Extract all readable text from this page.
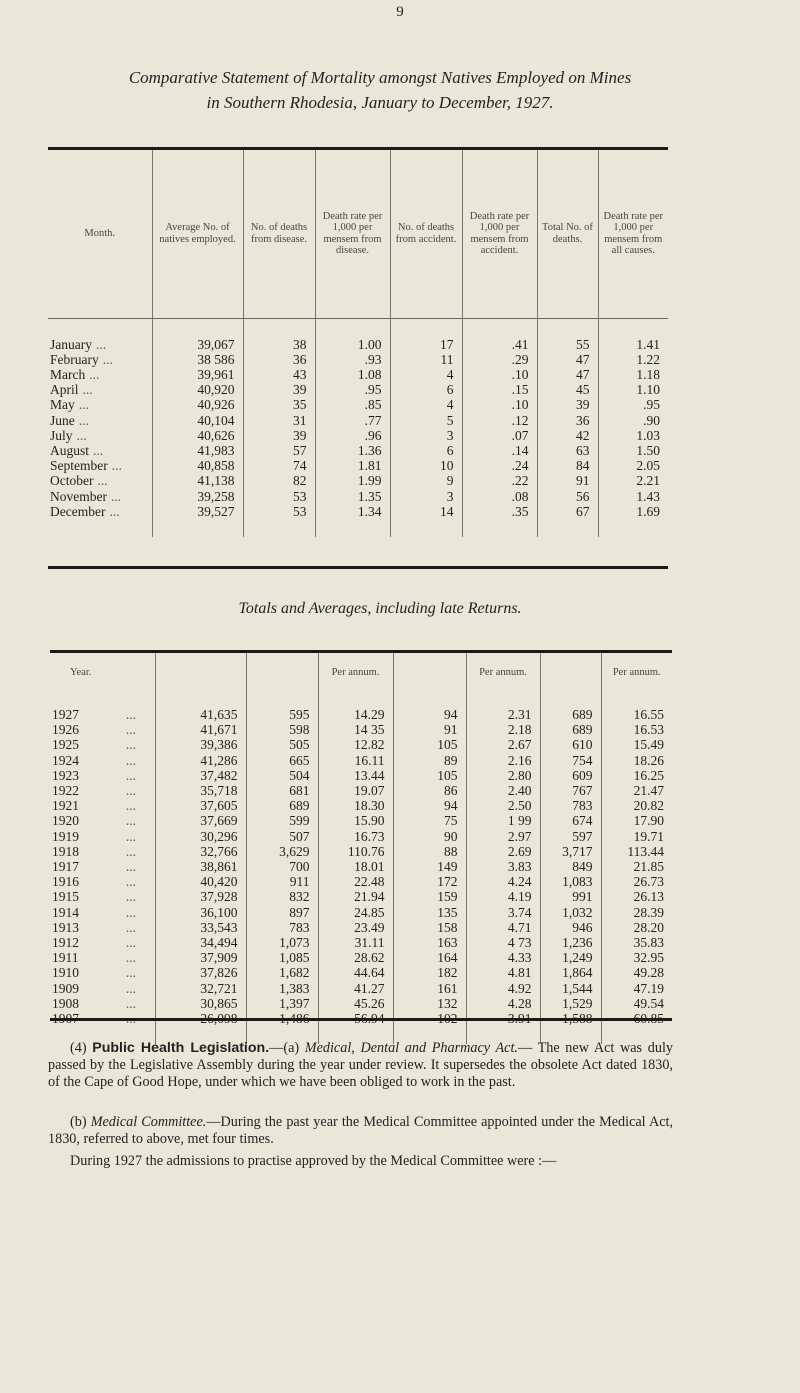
9
Comparative Statement of Mortality amongst Natives Employed on Mines
in Southern Rhodesia, January to December, 1927.
Month.	Average No. of natives employed.	No. of deaths from disease.	Death rate per 1,000 per mensem from disease.	No. of deaths from accident.	Death rate per 1,000 per mensem from accident.	Total No. of deaths.	Death rate per 1,000 per mensem from all causes.

January ...	39,067	38	1.00	17	.41	55	1.41
February ...	38 586	36	.93	11	.29	47	1.22
March ...	39,961	43	1.08	4	.10	47	1.18
April ...	40,920	39	.95	6	.15	45	1.10
May ...	40,926	35	.85	4	.10	39	.95
June ...	40,104	31	.77	5	.12	36	.90
July ...	40,626	39	.96	3	.07	42	1.03
August ...	41,983	57	1.36	6	.14	63	1.50
September ...	40,858	74	1.81	10	.24	84	2.05
October ...	41,138	82	1.99	9	.22	91	2.21
November ...	39,258	53	1.35	3	.08	56	1.43
December ...	39,527	53	1.34	14	.35	67	1.69

Totals and Averages, including late Returns.
Year.			Per annum.		Per annum.		Per annum.

1927	...	41,635	595	14.29	94	2.31	689	16.55
1926	...	41,671	598	14 35	91	2.18	689	16.53
1925	...	39,386	505	12.82	105	2.67	610	15.49
1924	...	41,286	665	16.11	89	2.16	754	18.26
1923	...	37,482	504	13.44	105	2.80	609	16.25
1922	...	35,718	681	19.07	86	2.40	767	21.47
1921	...	37,605	689	18.30	94	2.50	783	20.82
1920	...	37,669	599	15.90	75	1 99	674	17.90
1919	...	30,296	507	16.73	90	2.97	597	19.71
1918	...	32,766	3,629	110.76	88	2.69	3,717	113.44
1917	...	38,861	700	18.01	149	3.83	849	21.85
1916	...	40,420	911	22.48	172	4.24	1,083	26.73
1915	...	37,928	832	21.94	159	4.19	991	26.13
1914	...	36,100	897	24.85	135	3.74	1,032	28.39
1913	...	33,543	783	23.49	158	4.71	946	28.20
1912	...	34,494	1,073	31.11	163	4 73	1,236	35.83
1911	...	37,909	1,085	28.62	164	4.33	1,249	32.95
1910	...	37,826	1,682	44.64	182	4.81	1,864	49.28
1909	...	32,721	1,383	41.27	161	4.92	1,544	47.19
1908	...	30,865	1,397	45.26	132	4.28	1,529	49.54

(4) Public Health Legislation.—(a) Medical, Dental and Pharmacy Act.— The new Act was duly passed by the Legislative Assembly during the year under review. It supersedes the obsolete Act dated 1830, of the Cape of Good Hope, under which we have been obliged to work in the past.
(b) Medical Committee.—During the past year the Medical Committee appointed under the Medical Act, 1830, referred to above, met four times.
During 1927 the admissions to practise approved by the Medical Committee were :—
